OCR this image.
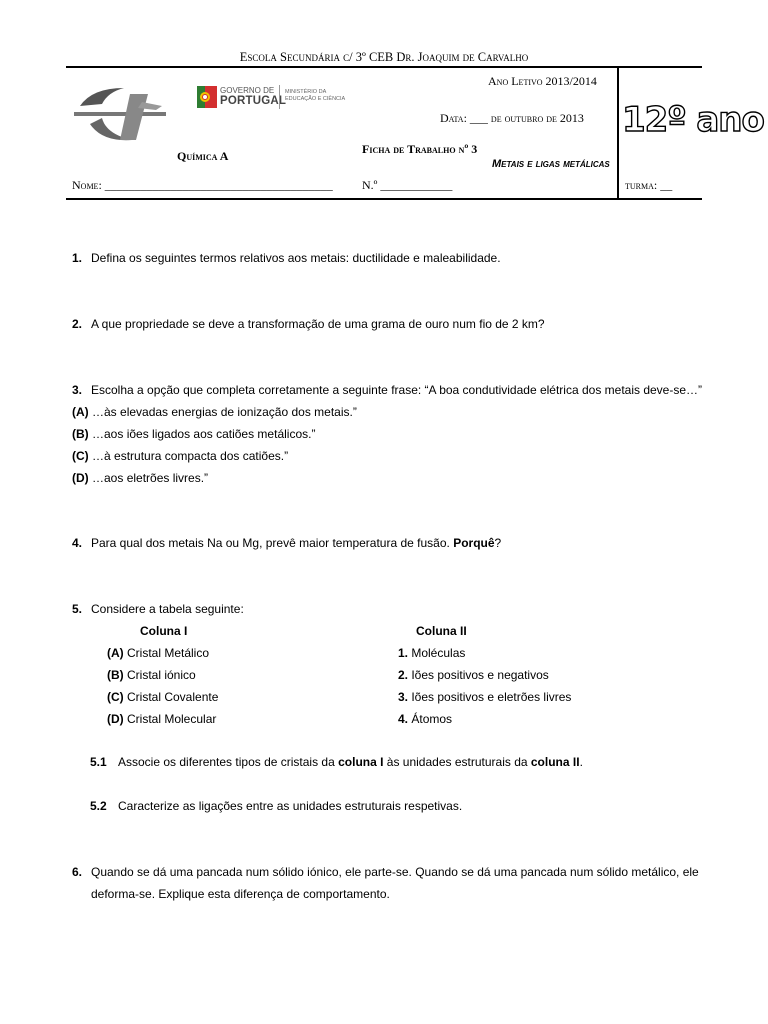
Escola Secundária c/ 3º CEB Dr. Joaquim de Carvalho
GOVERNO DE
PORTUGAL
MINISTÉRIO DA EDUCAÇÃO E CIÊNCIA
Ano Letivo 2013/2014
Data: ___ de outubro de 2013
Ficha de Trabalho nº 3
Química A
Metais e ligas metálicas
Nome: ______________________________________ N.º ____________	turma: __
12º ano
1. Defina os seguintes termos relativos aos metais: ductilidade e maleabilidade.
2. A que propriedade se deve a transformação de uma grama de ouro num fio de 2 km?
3. Escolha a opção que completa corretamente a seguinte frase: “A boa condutividade elétrica dos metais deve-se…”
(A) …às elevadas energias de ionização dos metais.”
(B) …aos iões ligados aos catiões metálicos.”
(C) …à estrutura compacta dos catiões.”
(D) …aos eletrões livres.”
4. Para qual dos metais Na ou Mg, prevê maior temperatura de fusão. Porquê?
5. Considere a tabela seguinte:
Coluna I	Coluna II
(A) Cristal Metálico
(B) Cristal iónico
(C) Cristal Covalente
(D) Cristal Molecular
1. Moléculas
2. Iões positivos e negativos
3. Iões positivos e eletrões livres
4. Átomos
5.1 Associe os diferentes tipos de cristais da coluna I às unidades estruturais da coluna II.
5.2 Caracterize as ligações entre as unidades estruturais respetivas.
6. Quando se dá uma pancada num sólido iónico, ele parte-se. Quando se dá uma pancada num sólido metálico, ele
deforma-se. Explique esta diferença de comportamento.
